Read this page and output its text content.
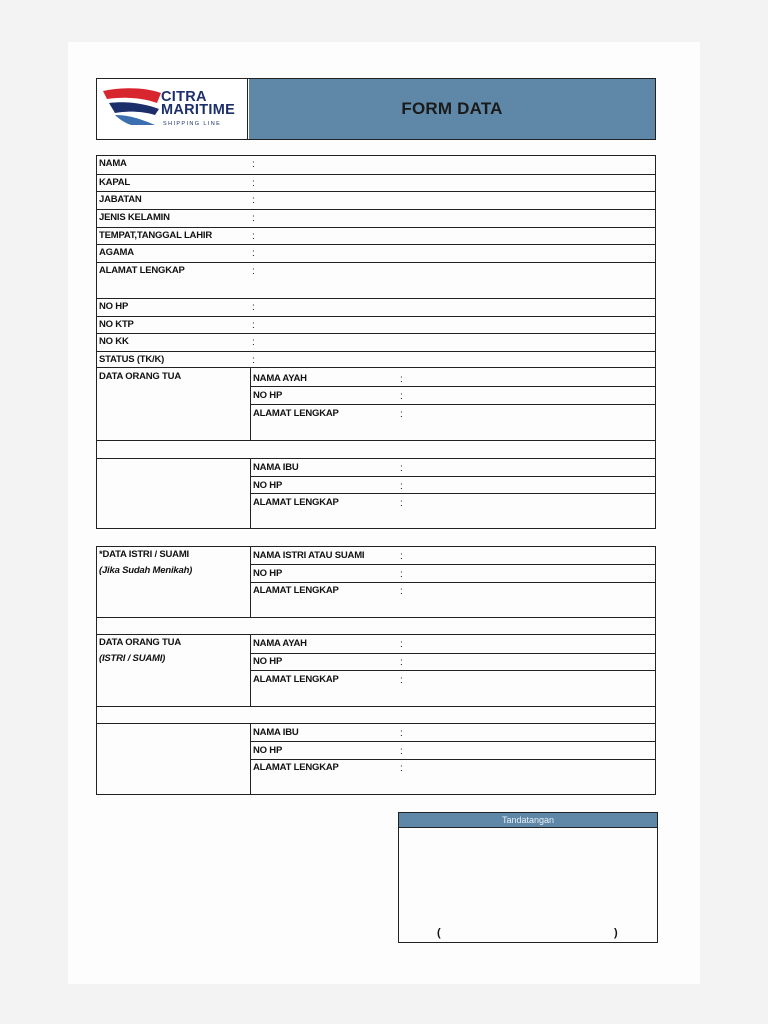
CITRA
MARITIME
SHIPPING LINE
FORM DATA
NAMA
KAPAL
JABATAN
JENIS KELAMIN
TEMPAT,TANGGAL LAHIR
AGAMA
ALAMAT LENGKAP
NO HP
NO KTP
NO KK
STATUS (TK/K)
:
:
:
:
:
:
:
:
:
:
:
DATA ORANG TUA	NAMA AYAH
NO HP
ALAMAT LENGKAP
:
:
:
NAMA IBU
NO HP
ALAMAT LENGKAP
:
:
:
*DATA ISTRI / SUAMI
(Jika Sudah Menikah)
NAMA ISTRI ATAU SUAMI
NO HP
ALAMAT LENGKAP
:
:
:
DATA ORANG TUA
(ISTRI / SUAMI)
NAMA AYAH
NO HP
ALAMAT LENGKAP
:
:
:
NAMA IBU
NO HP
ALAMAT LENGKAP
:
:
:
Tandatangan
(	)
